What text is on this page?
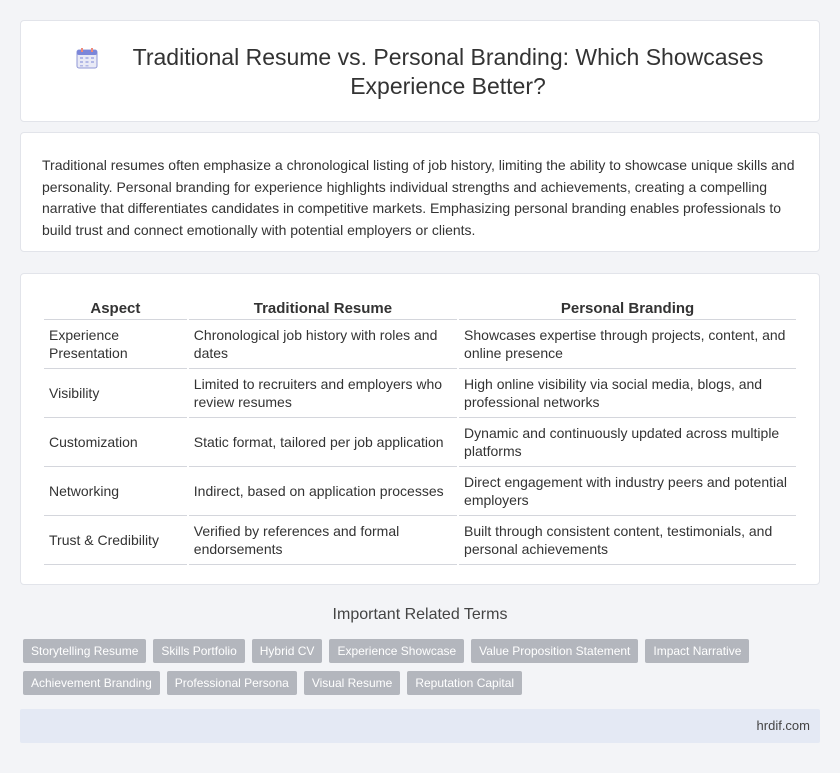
Traditional Resume vs. Personal Branding: Which Showcases Experience Better?

Traditional resumes often emphasize a chronological listing of job history, limiting the ability to showcase unique skills and personality. Personal branding for experience highlights individual strengths and achievements, creating a compelling narrative that differentiates candidates in competitive markets. Emphasizing personal branding enables professionals to build trust and connect emotionally with potential employers or clients.

Aspect	Traditional Resume	Personal Branding
Experience Presentation	Chronological job history with roles and dates	Showcases expertise through projects, content, and online presence
Visibility	Limited to recruiters and employers who review resumes	High online visibility via social media, blogs, and professional networks
Customization	Static format, tailored per job application	Dynamic and continuously updated across multiple platforms
Networking	Indirect, based on application processes	Direct engagement with industry peers and potential employers
Trust & Credibility	Verified by references and formal endorsements	Built through consistent content, testimonials, and personal achievements
Important Related Terms
Storytelling Resume	Skills Portfolio	Hybrid CV	Experience Showcase	Value Proposition Statement	Impact Narrative
Achievement Branding	Professional Persona	Visual Resume	Reputation Capital
hrdif.com
